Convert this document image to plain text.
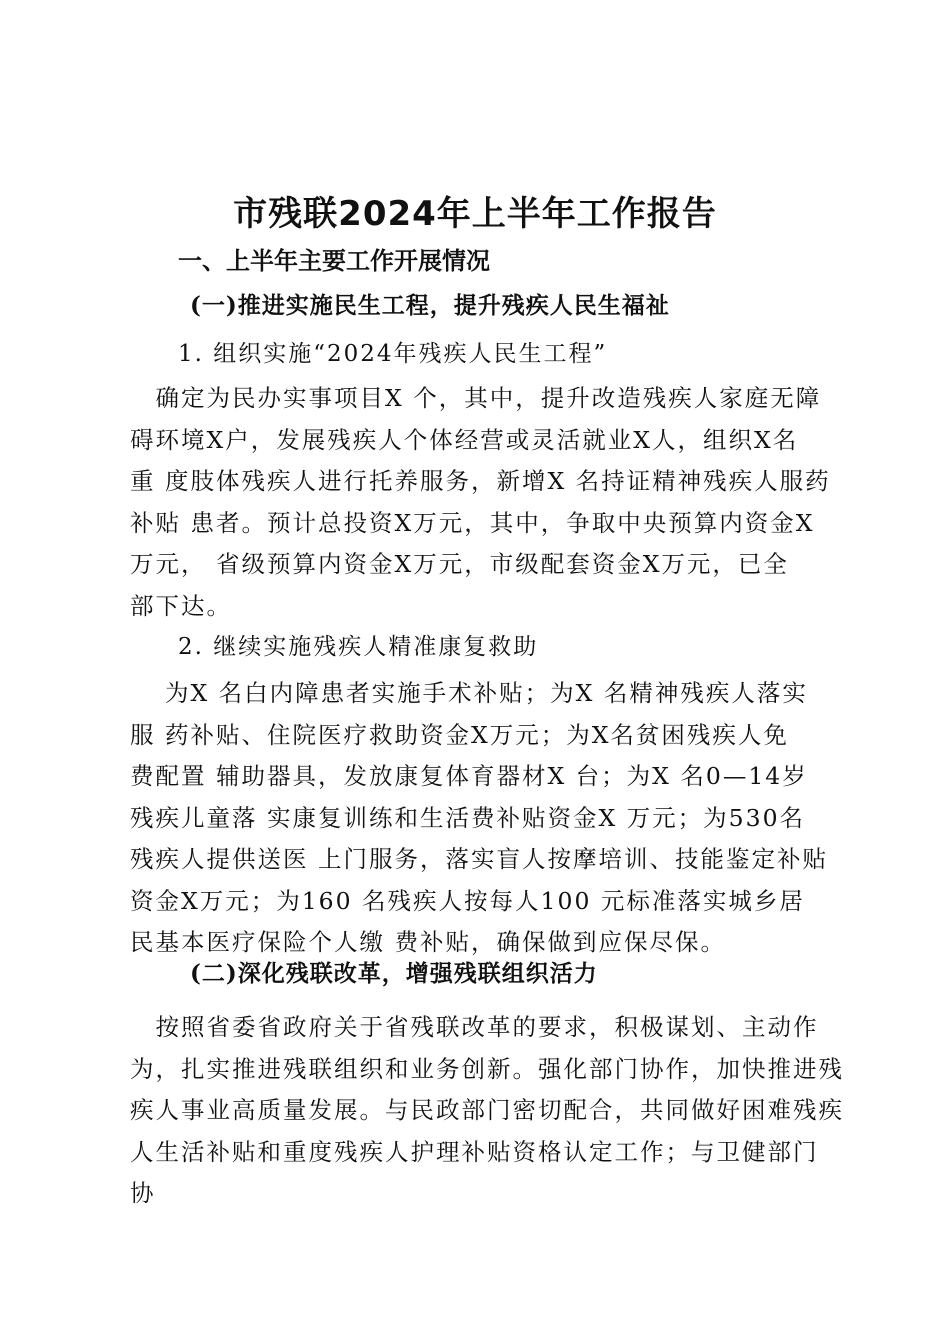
市残联2024年上半年工作报告
一、上半年主要工作开展情况
(一)推进实施民生工程，提升残疾人民生福祉
1. 组织实施“2024年残疾人民生工程”
　确定为民办实事项目X 个，其中，提升改造残疾人家庭无障
碍环境X户，发展残疾人个体经营或灵活就业X人，组织X名
重 度肢体残疾人进行托养服务，新增X 名持证精神残疾人服药
补贴 患者。预计总投资X万元，其中，争取中央预算内资金X
万元， 省级预算内资金X万元，市级配套资金X万元，已全
部下达。
2. 继续实施残疾人精准康复救助
　 为X 名白内障患者实施手术补贴；为X 名精神残疾人落实
服 药补贴、住院医疗救助资金X万元；为X名贫困残疾人免
费配置 辅助器具，发放康复体育器材X 台；为X 名0—14岁
残疾儿童落 实康复训练和生活费补贴资金X 万元；为530名
残疾人提供送医 上门服务，落实盲人按摩培训、技能鉴定补贴
资金X万元；为160 名残疾人按每人100 元标准落实城乡居
民基本医疗保险个人缴 费补贴，确保做到应保尽保。
(二)深化残联改革，增强残联组织活力
　按照省委省政府关于省残联改革的要求，积极谋划、主动作
为，扎实推进残联组织和业务创新。强化部门协作，加快推进残
疾人事业高质量发展。与民政部门密切配合，共同做好困难残疾
人生活补贴和重度残疾人护理补贴资格认定工作；与卫健部门
协
